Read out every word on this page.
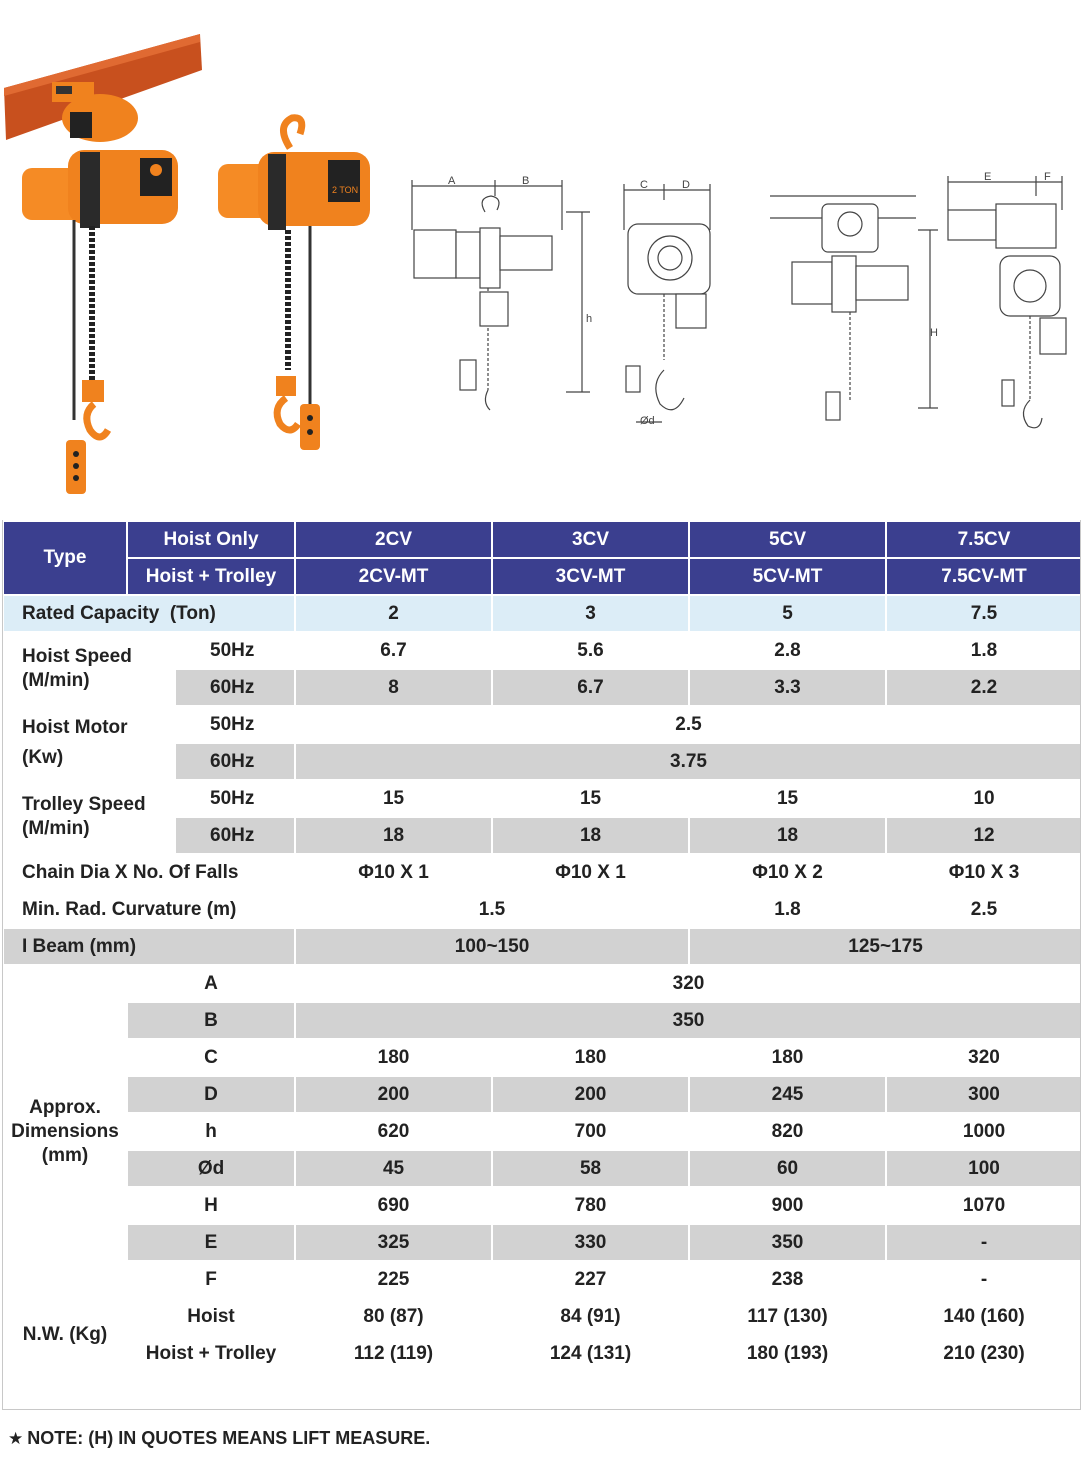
2 TON
A	B
h
C	D
Ød
H
E	F
Type	Hoist Only		2CV	3CV	5CV	7.5CV
	Hoist + Trolley		2CV-MT	3CV-MT	5CV-MT	7.5CV-MT
Rated Capacity  (Ton)			2	3	5	7.5
Hoist Speed
(M/min)		50Hz	6.7	5.6	2.8	1.8
		60Hz	8	6.7	3.3	2.2
Hoist Motor
(Kw)		50Hz	2.5			
		60Hz	3.75			
Trolley Speed
(M/min)		50Hz	15	15	15	10
		60Hz	18	18	18	12
Chain Dia X No. Of Falls			Φ10 X 1	Φ10 X 1	Φ10 X 2	Φ10 X 3
Min. Rad. Curvature (m)			1.5		1.8	2.5
I Beam (mm)			100~150		125~175	
Approx.
Dimensions
(mm)	A		320			
	B		350			
	C		180	180	180	320
	D		200	200	245	300
	h		620	700	820	1000
	Ød		45	58	60	100
	H		690	780	900	1070
	E		325	330	350	-
	F		225	227	238	-
N.W. (Kg)	Hoist		80 (87)	84 (91)	117 (130)	140 (160)
	Hoist + Trolley		112 (119)	124 (131)	180 (193)	210 (230)
★ NOTE: (H) IN QUOTES MEANS LIFT MEASURE.
